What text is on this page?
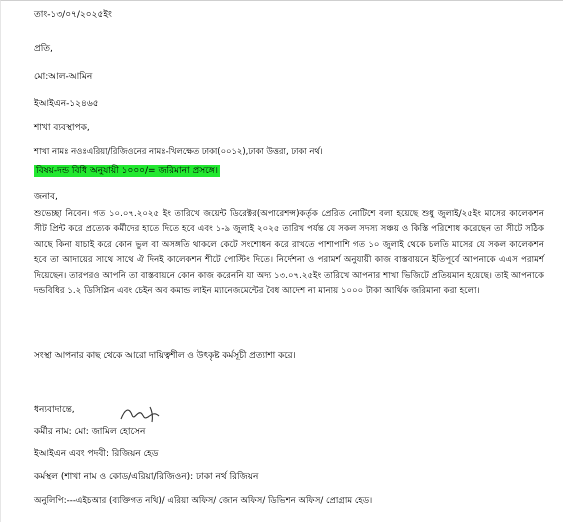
তাং-১৩/০৭/২০২৫ইং
প্রতি,
মো:আল-আমিন
ইআইএন-১২৪৬৫
শাখা ব্যবস্থাপক,
শাখা নামঃ নওঃএরিয়া/রিজিওনের নামঃ-খিলক্ষেত ঢাকা(০০১২),ঢাকা উত্তরা, ঢাকা নর্থ।
বিষয়-দন্ড বিধি অনুযায়ী ১০০০/= জরিমানা প্রসঙ্গে।
জনাব,
শুভেচ্ছা নিবেন। গত ১০.০৭.২০২৫ ইং তারিখে জয়েন্ট ডিরেক্টর(অপারেশন্স)কর্তৃক প্রেরিত নোটিশে বলা হয়েছে শুধু জুলাই/২৫ইং মাসের কালেকশন সীট প্রিন্ট করে প্রত্যেক কর্মীদের হাতে দিতে হবে এবং ১-৯ জুলাই ২০২৫ তারিখ পর্যন্ত যে সকল সদস্য সঞ্চয় ও কিস্তি পরিশোধ করেছেন তা সীটে সঠিক আছে কিনা যাচাই করে কোন ভুল বা অসঙ্গতি থাকলে কেটে সংশোধন করে রাখতে পাশাপাশি গত ১০ জুলাই থেকে চলতি মাসের যে সকল কালেকশন হবে তা আদায়ের সাথে সাথে ঐ দিনই কালেকশন শীটে পোস্টিং দিতে। নির্দেশনা ও পরামর্শ অনুযায়ী কাজ বাস্তবায়নে ইতিপূর্বে আপনাকে এএস পরামর্শ দিয়েছেন। তারপরও আপনি তা বাস্তবায়নে কোন কাজ করেননি যা অদ্য ১৩.০৭.২৫ইং তারিখে আপনার শাখা ভিজিটে প্রতিয়মান হয়েছে। তাই আপনাকে দন্ডবিধির ১.২ ডিসিপ্লিন এবং চেইন অব কমান্ড লাইন ম্যানেজমেন্টের বৈধ আদেশ না মানায় ১০০০ টাকা আর্থিক জরিমানা করা হলো।
সংস্থা আপনার কাছ থেকে আরো দায়িত্বশীল ও উৎকৃষ্ট কর্মসূচী প্রত্যাশা করে।
ধন্যবাদান্তে,
কর্মীর নাম: মো: জামিল হোসেন
ইআইএন এবং পদবী: রিজিয়ন হেড
কর্মস্থল (শাখা নাম ও কোড/এরিয়া/রিজিওন): ঢাকা নর্থ রিজিয়ন
অনুলিপি:---এইচআর (ব্যক্তিগত নথি)/ এরিয়া অফিস/ জোন অফিস/ ডিভিশন অফিস/ প্রোগ্রাম হেড।
